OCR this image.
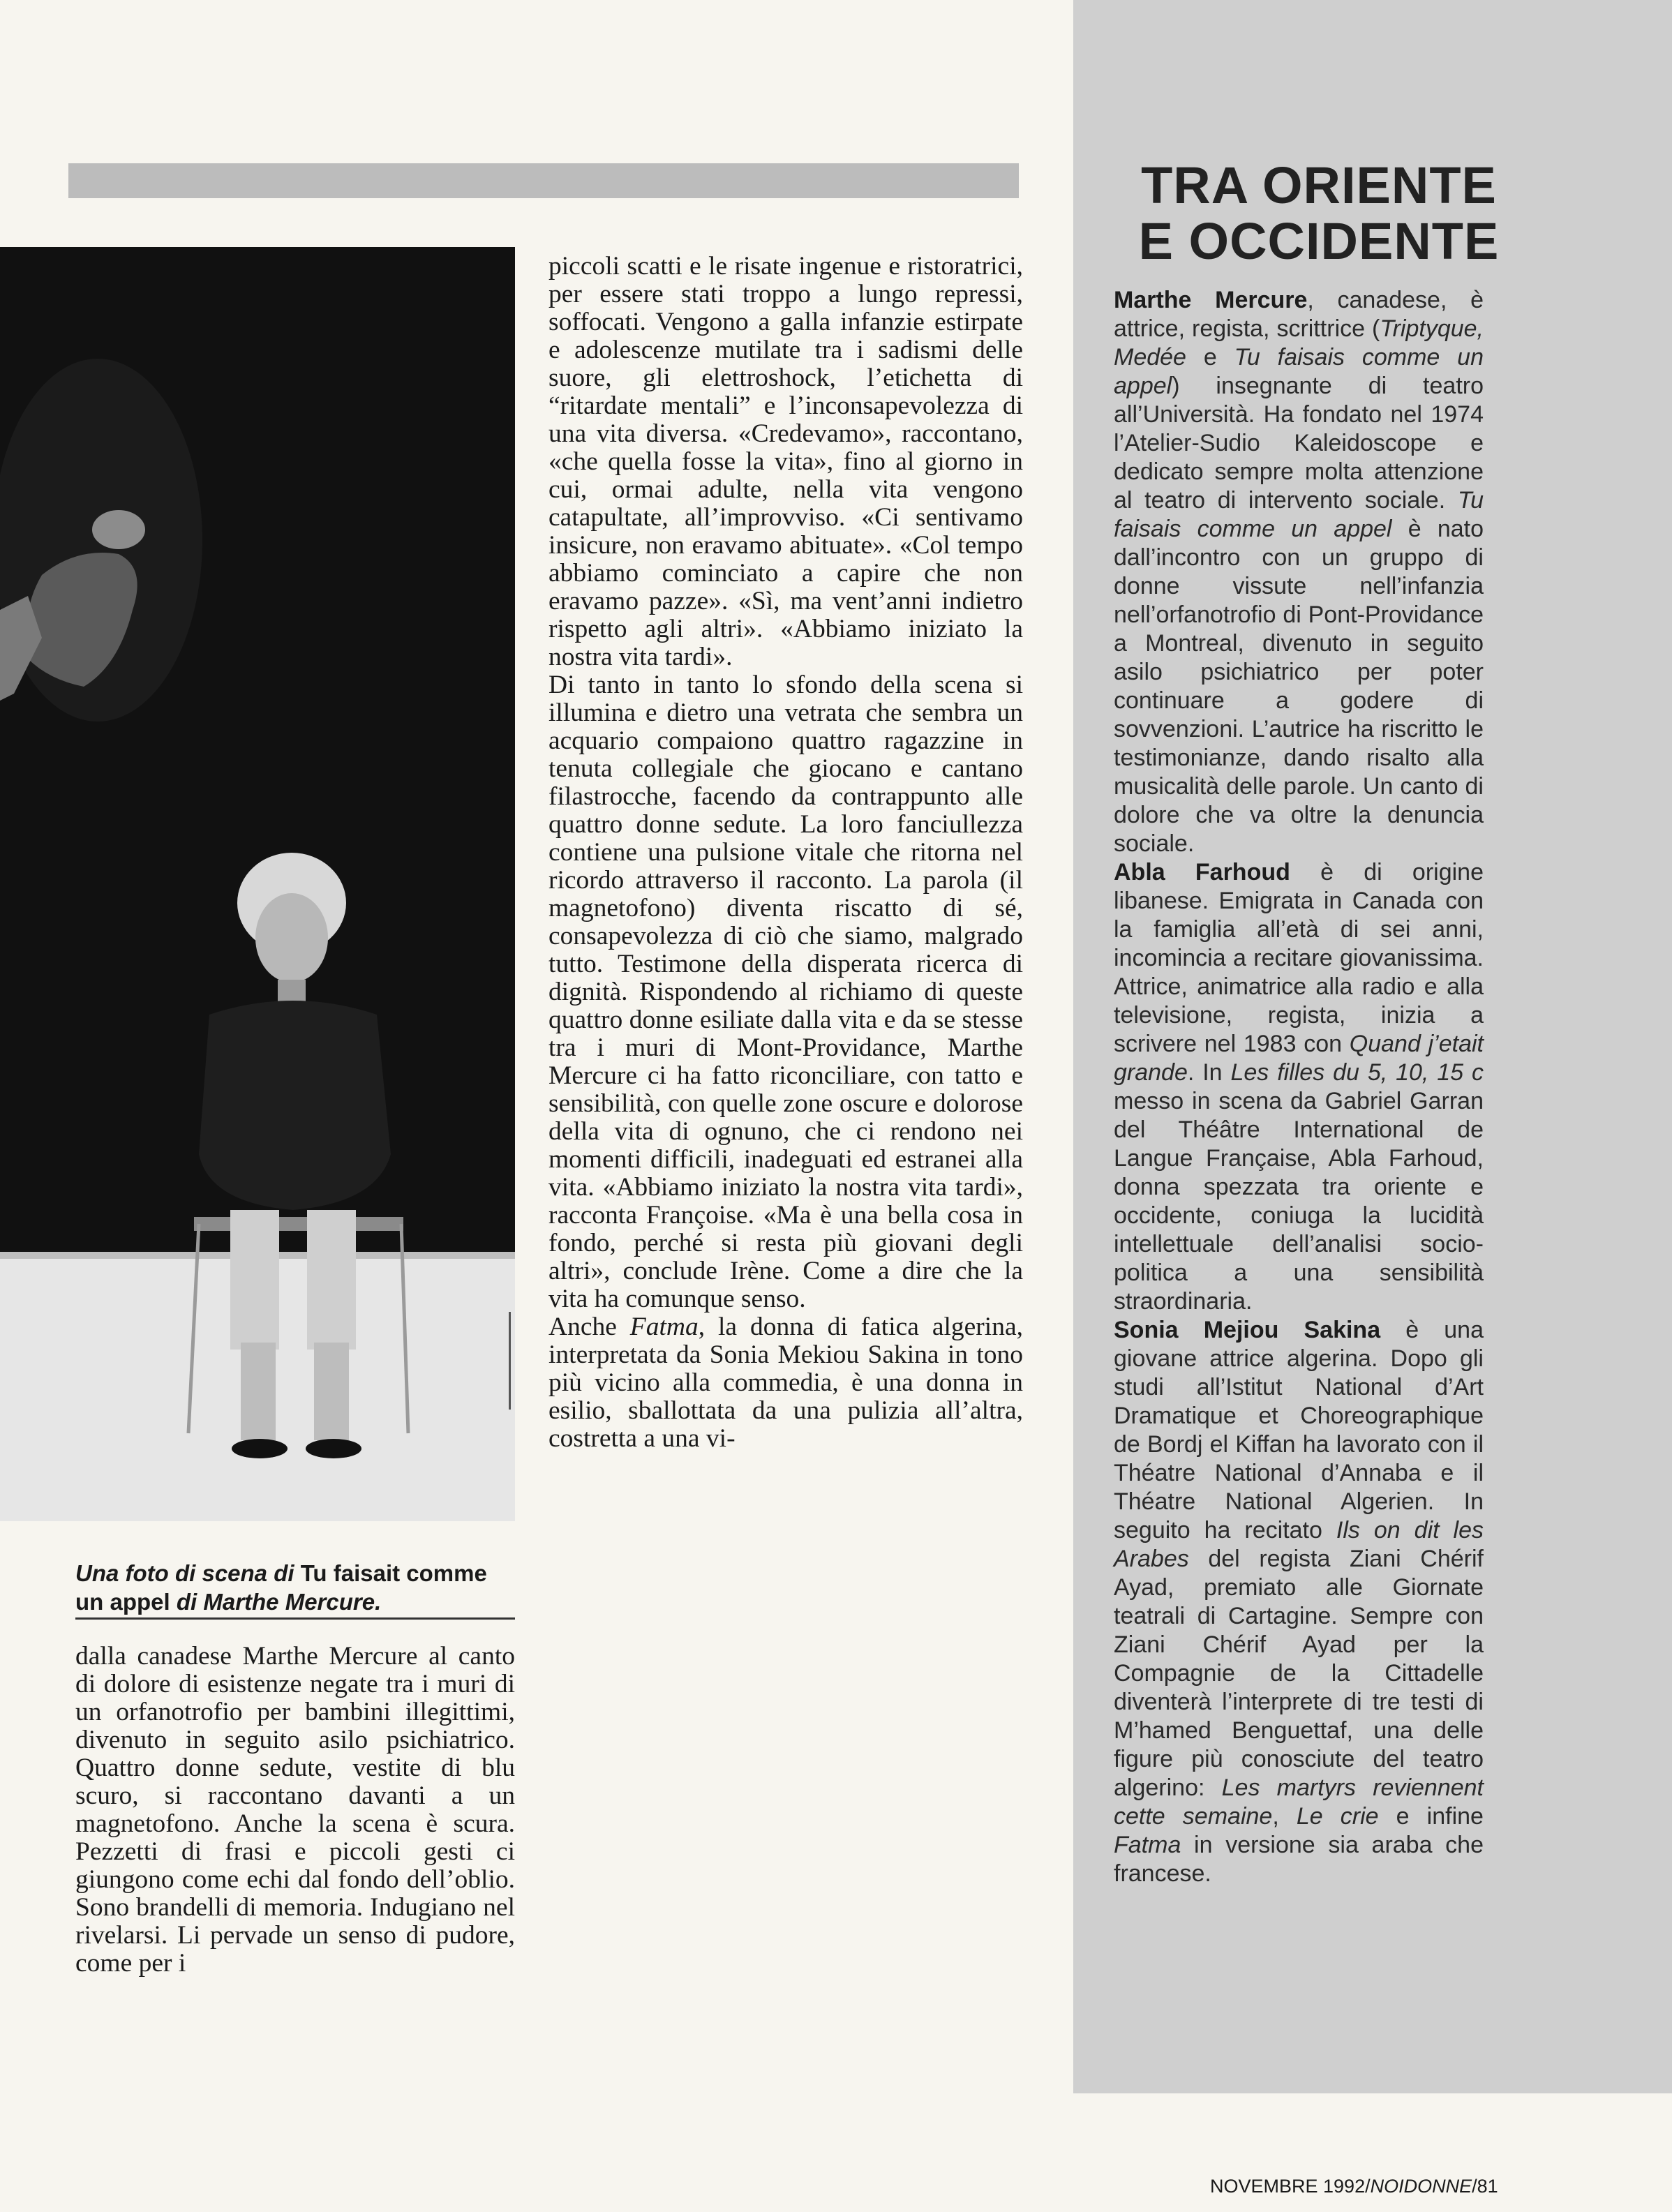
Una foto di scena di Tu faisait comme un appel di Marthe Mercure.

dalla canadese Marthe Mercure al canto di dolore di esistenze negate tra i muri di un orfanotrofio per bambini illegittimi, divenuto in seguito asilo psichiatrico. Quattro donne sedute, vestite di blu scuro, si raccontano davanti a un magnetofono. Anche la scena è scura. Pezzetti di frasi e piccoli gesti ci giungono come echi dal fondo dell’oblio. Sono brandelli di memoria. Indugiano nel rivelarsi. Li pervade un senso di pudore, come per i

piccoli scatti e le risate ingenue e ristoratrici, per essere stati troppo a lungo repressi, soffocati. Vengono a galla infanzie estirpate e adolescenze mutilate tra i sadismi delle suore, gli elettroshock, l’etichetta di “ritardate mentali” e l’inconsapevolezza di una vita diversa. «Credevamo», raccontano, «che quella fosse la vita», fino al giorno in cui, ormai adulte, nella vita vengono catapultate, all’improvviso. «Ci sentivamo insicure, non eravamo abituate». «Col tempo abbiamo cominciato a capire che non eravamo pazze». «Sì, ma vent’anni indietro rispetto agli altri». «Abbiamo iniziato la nostra vita tardi».

Di tanto in tanto lo sfondo della scena si illumina e dietro una vetrata che sembra un acquario compaiono quattro ragazzine in tenuta collegiale che giocano e cantano filastrocche, facendo da contrappunto alle quattro donne sedute. La loro fanciullezza contiene una pulsione vitale che ritorna nel ricordo attraverso il racconto. La parola (il magnetofono) diventa riscatto di sé, consapevolezza di ciò che siamo, malgrado tutto. Testimone della disperata ricerca di dignità. Rispondendo al richiamo di queste quattro donne esiliate dalla vita e da se stesse tra i muri di Mont-Providance, Marthe Mercure ci ha fatto riconciliare, con tatto e sensibilità, con quelle zone oscure e dolorose della vita di ognuno, che ci rendono nei momenti difficili, inadeguati ed estranei alla vita. «Abbiamo iniziato la nostra vita tardi», racconta Françoise. «Ma è una bella cosa in fondo, perché si resta più giovani degli altri», conclude Irène. Come a dire che la vita ha comunque senso.

Anche Fatma, la donna di fatica algerina, interpretata da Sonia Mekiou Sakina in tono più vicino alla commedia, è una donna in esilio, sballottata da una pulizia all’altra, costretta a una vi-

TRA ORIENTE
E OCCIDENTE

Marthe Mercure, canadese, è attrice, regista, scrittrice (Triptyque, Medée e Tu faisais comme un appel) insegnante di teatro all’Università. Ha fondato nel 1974 l’Atelier-Sudio Kaleidoscope e dedicato sempre molta attenzione al teatro di intervento sociale. Tu faisais comme un appel è nato dall’incontro con un gruppo di donne vissute nell’infanzia nell’orfanotrofio di Pont-Providance a Montreal, divenuto in seguito asilo psichiatrico per poter continuare a godere di sovvenzioni. L’autrice ha riscritto le testimonianze, dando risalto alla musicalità delle parole. Un canto di dolore che va oltre la denuncia sociale.

Abla Farhoud è di origine libanese. Emigrata in Canada con la famiglia all’età di sei anni, incomincia a recitare giovanissima. Attrice, animatrice alla radio e alla televisione, regista, inizia a scrivere nel 1983 con Quand j’etait grande. In Les filles du 5, 10, 15 c messo in scena da Gabriel Garran del Théâtre International de Langue Française, Abla Farhoud, donna spezzata tra oriente e occidente, coniuga la lucidità intellettuale dell’analisi socio-politica a una sensibilità straordinaria.

Sonia Mejiou Sakina è una giovane attrice algerina. Dopo gli studi all’Istitut National d’Art Dramatique et Choreographique de Bordj el Kiffan ha lavorato con il Théatre National d’Annaba e il Théatre National Algerien. In seguito ha recitato Ils on dit les Arabes del regista Ziani Chérif Ayad, premiato alle Giornate teatrali di Cartagine. Sempre con Ziani Chérif Ayad per la Compagnie de la Cittadelle diventerà l’interprete di tre testi di M’hamed Benguettaf, una delle figure più conosciute del teatro algerino: Les martyrs reviennent cette semaine, Le crie e infine Fatma in versione sia araba che francese.

NOVEMBRE 1992/NOIDONNE/81
